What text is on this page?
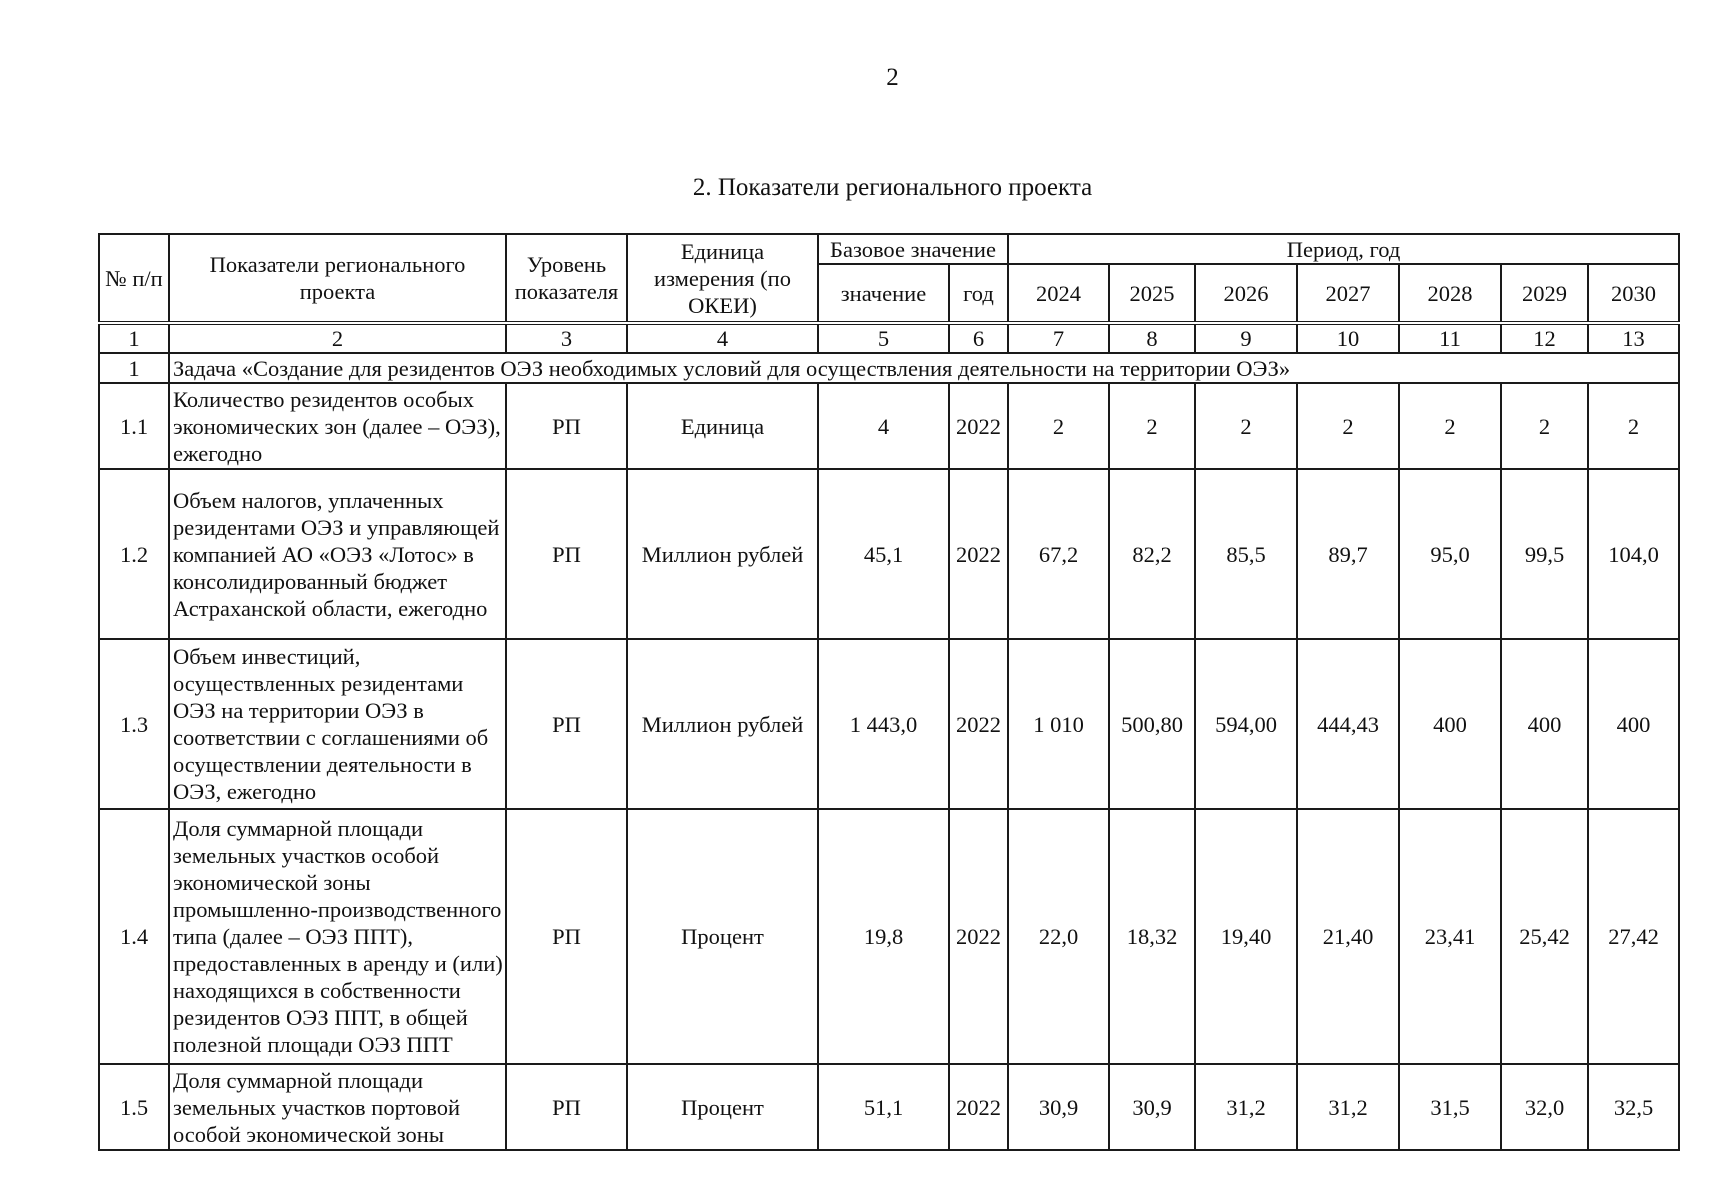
2
2. Показатели регионального проекта
№ п/п	Показатели регионального проекта	Уровень показателя	Единица измерения (по ОКЕИ)	Базовое значение		Период, год						
				значение	год	2024	2025	2026	2027	2028	2029	2030
1	2	3	4	5	6	7	8	9	10	11	12	13
1	Задача «Создание для резидентов ОЭЗ необходимых условий для осуществления деятельности на территории ОЭЗ»											
1.1	Количество резидентов особых экономических зон (далее – ОЭЗ), ежегодно	РП	Единица	4	2022	2	2	2	2	2	2	2
1.2	Объем налогов, уплаченных резидентами ОЭЗ и управляющей компанией АО «ОЭЗ «Лотос» в консолидированный бюджет Астраханской области, ежегодно	РП	Миллион рублей	45,1	2022	67,2	82,2	85,5	89,7	95,0	99,5	104,0
1.3	Объем инвестиций, осуществленных резидентами ОЭЗ на территории ОЭЗ в соответствии с соглашениями об осуществлении деятельности в ОЭЗ, ежегодно	РП	Миллион рублей	1 443,0	2022	1 010	500,80	594,00	444,43	400	400	400
1.4	Доля суммарной площади земельных участков особой экономической зоны промышленно-производственного типа (далее – ОЭЗ ППТ), предоставленных в аренду и (или) находящихся в собственности резидентов ОЭЗ ППТ, в общей полезной площади ОЭЗ ППТ	РП	Процент	19,8	2022	22,0	18,32	19,40	21,40	23,41	25,42	27,42
1.5	Доля суммарной площади земельных участков портовой особой экономической зоны	РП	Процент	51,1	2022	30,9	30,9	31,2	31,2	31,5	32,0	32,5
